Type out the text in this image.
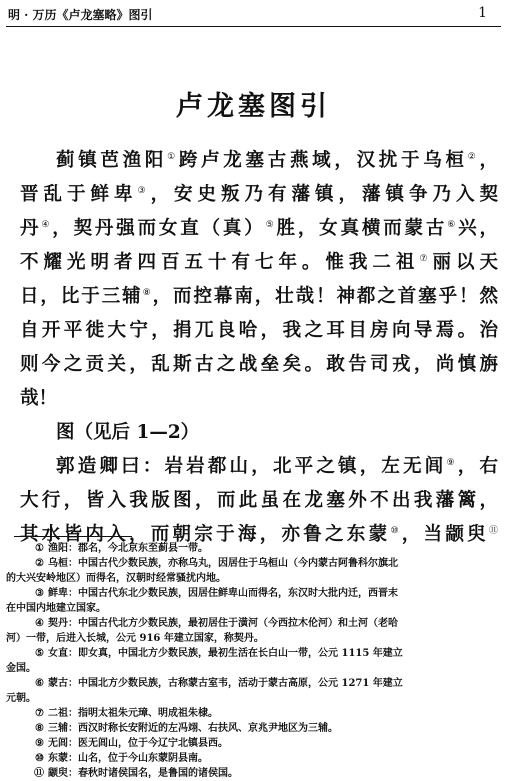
明 · 万历《卢龙塞略》图引	1
卢龙塞图引
蓟镇芭渔阳①跨卢龙塞古燕域，汉扰于乌桓②，
晋乱于鲜卑③，安史叛乃有藩镇，藩镇争乃入契
丹④，契丹强而女直（真）⑤胜，女真横而蒙古⑥兴，
不耀光明者四百五十有七年。惟我二祖⑦丽以天
日，比于三辅⑧，而控幕南，壮哉！神都之首塞乎！然
自开平徙大宁，捐兀良哈，我之耳目房向导焉。治
则今之贡关，乱斯古之战垒矣。敢告司戎，尚慎旃
哉！
图（见后 1—2）
郭造卿曰：岩岩都山，北平之镇，左无闾⑨，右
大行，皆入我版图，而此虽在龙塞外不出我藩篱，
其水皆内入，而朝宗于海，亦鲁之东蒙⑩，当颛臾⑪
① 渔阳：郡名，今北京东至蓟县一带。
② 乌桓：中国古代少数民族，亦称乌丸，因居住于乌桓山（今内蒙古阿鲁科尔旗北
的大兴安岭地区）而得名，汉朝时经常骚扰内地。
③ 鲜卑：中国古代东北少数民族，因居住鲜卑山而得名，东汉时大批内迁，西晋末
在中国内地建立国家。
④ 契丹：中国古代北方少数民族，最初居住于潢河（今西拉木伦河）和土河（老哈
河）一带，后进入长城，公元 916 年建立国家，称契丹。
⑤ 女直：即女真，中国北方少数民族，最初生活在长白山一带，公元 1115 年建立
金国。
⑥ 蒙古：中国北方少数民族，古称蒙古室韦，活动于蒙古高原，公元 1271 年建立
元朝。
⑦ 二祖：指明太祖朱元璋、明成祖朱棣。
⑧ 三辅：西汉时称长安附近的左冯翊、右扶风、京兆尹地区为三辅。
⑨ 无闾：医无闾山，位于今辽宁北镇县西。
⑩ 东蒙：山名，位于今山东蒙阴县南。
⑪ 颛臾：春秋时诸侯国名，是鲁国的诸侯国。
